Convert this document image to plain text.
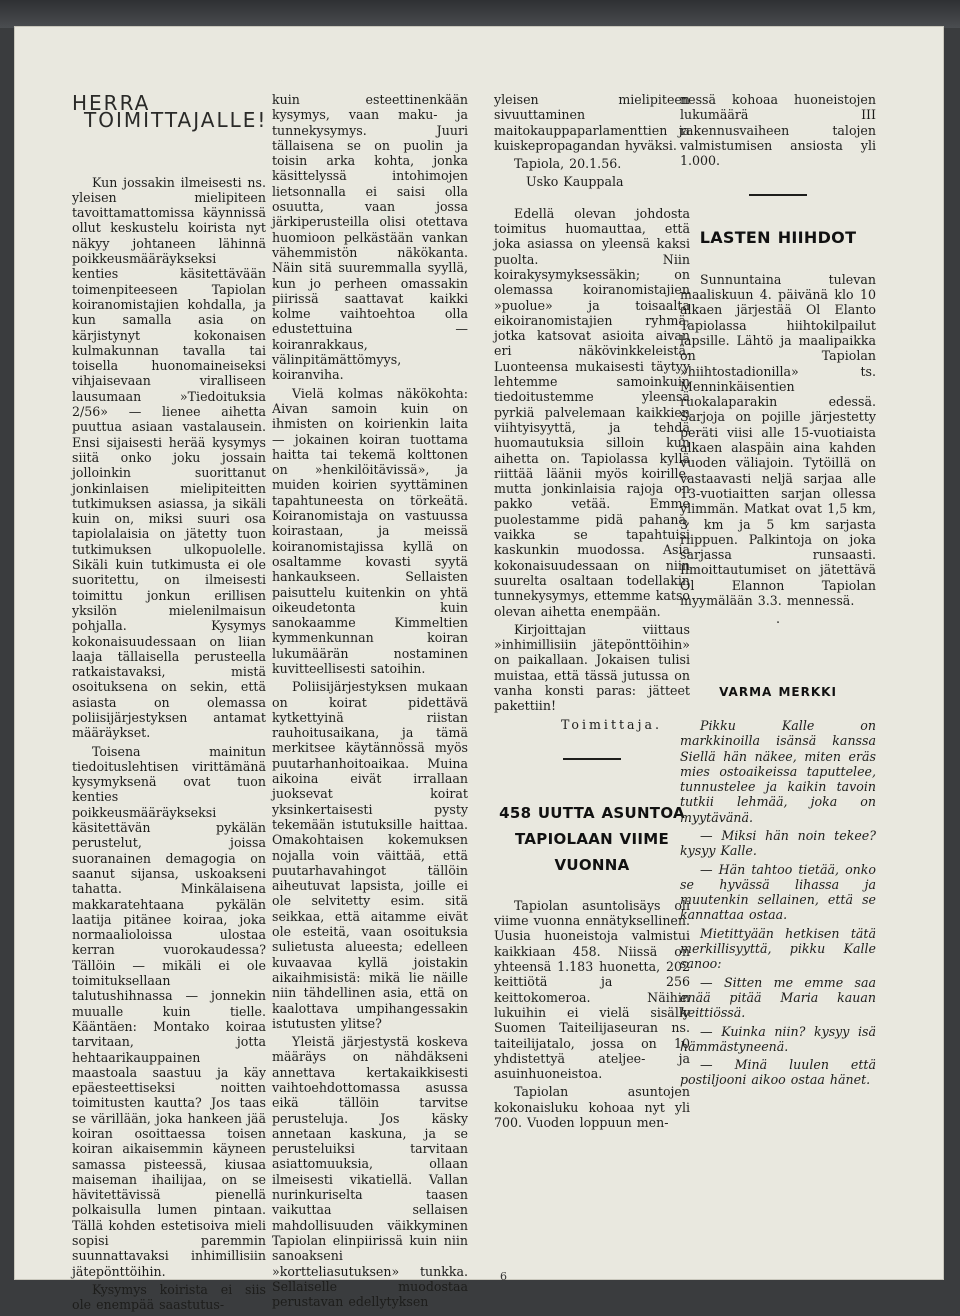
HERRA
TOIMITTAJALLE!

Kun jossakin ilmeisesti ns. yleisen mielipiteen tavoittamattomissa käynnissä ollut keskustelu koirista nyt näkyy johtaneen lähinnä poikkeusmääräykseksi kenties käsitettävään toimenpiteeseen Tapiolan koiranomistajien kohdalla, ja kun samalla asia on kärjistynyt kokonaisen kulmakunnan tavalla tai toisella huonomaineiseksi vihjaisevaan viralliseen lausumaan »Tiedoituksia 2/56» — lienee aihetta puuttua asiaan vastalausein. Ensi sijaisesti herää kysymys siitä onko joku jossain jolloinkin suorittanut jonkinlaisen mielipiteitten tutkimuksen asiassa, ja sikäli kuin on, miksi suuri osa tapiolalaisia on jätetty tuon tutkimuksen ulkopuolelle. Sikäli kuin tutkimusta ei ole suoritettu, on ilmeisesti toimittu jonkun erillisen yksilön mielenilmaisun pohjalla. Kysymys kokonaisuudessaan on liian laaja tällaisella perusteella ratkaistavaksi, mistä osoituksena on sekin, että asiasta on olemassa poliisijärjestyksen antamat määräykset.

Toisena mainitun tiedoituslehtisen virittämänä kysymyksenä ovat tuon kenties poikkeusmääräykseksi käsitettävän pykälän perustelut, joissa suoranainen demagogia on saanut sijansa, uskoakseni tahatta. Minkälaisena makkaratehtaana pykälän laatija pitänee koiraa, joka normaalioloissa ulostaa kerran vuorokaudessa? Tällöin — mikäli ei ole toimituksellaan talutushihnassa — jonnekin muualle kuin tielle. Kääntäen: Montako koiraa tarvitaan, jotta hehtaarikauppainen maastoala saastuu ja käy epäesteettiseksi noitten toimitusten kautta? Jos taas se värillään, joka hankeen jää koiran osoittaessa toisen koiran aikaisemmin käyneen samassa pisteessä, kiusaa maiseman ihailijaa, on se hävitettävissä pienellä polkaisulla lumen pintaan. Tällä kohden estetisoiva mieli sopisi paremmin suunnattavaksi inhimillisiin jätepönttöihin.

Kysymys koirista ei siis ole enempää saastutus-

kuin esteettinenkään kysymys, vaan maku- ja tunnekysymys. Juuri tällaisena se on puolin ja toisin arka kohta, jonka käsittelyssä intohimojen lietsonnalla ei saisi olla osuutta, vaan jossa järkiperusteilla olisi otettava huomioon pelkästään vankan vähemmistön näkökanta. Näin sitä suuremmalla syyllä, kun jo perheen omassakin piirissä saattavat kaikki kolme vaihtoehtoa olla edustettuina — koiranrakkaus, välinpitämättömyys, koiranviha.

Vielä kolmas näkökohta: Aivan samoin kuin on ihmisten on koirienkin laita — jokainen koiran tuottama haitta tai tekemä kolttonen on »henkilöitävissä», ja muiden koirien syyttäminen tapahtuneesta on törkeätä. Koiranomistaja on vastuussa koirastaan, ja meissä koiranomistajissa kyllä on osaltamme kovasti syytä hankaukseen. Sellaisten paisuttelu kuitenkin on yhtä oikeudetonta kuin sanokaamme Kimmeltien kymmenkunnan koiran lukumäärän nostaminen kuvitteellisesti satoihin.

Poliisijärjestyksen mukaan on koirat pidettävä kytkettyinä riistan rauhoitusaikana, ja tämä merkitsee käytännössä myös puutarhanhoitoaikaa. Muina aikoina eivät irrallaan juoksevat koirat yksinkertaisesti pysty tekemään istutuksille haittaa. Omakohtaisen kokemuksen nojalla voin väittää, että puutarhavahingot tällöin aiheutuvat lapsista, joille ei ole selvitetty esim. sitä seikkaa, että aitamme eivät ole esteitä, vaan osoituksia sulietusta alueesta; edelleen kuvaavaa kyllä joistakin aikaihmisistä: mikä lie näille niin tähdellinen asia, että on kaalottava umpihangessakin istutusten ylitse?

Yleistä järjestystä koskeva määräys on nähdäkseni annettava kertakaikkisesti vaihtoehdottomassa asussa eikä tällöin tarvitse perusteluja. Jos käsky annetaan kaskuna, ja se perusteluiksi tarvitaan asiattomuuksia, ollaan ilmeisesti vikatiellä. Vallan nurinkuriselta taasen vaikuttaa sellaisen mahdollisuuden väikkyminen Tapiolan elinpiirissä kuin niin sanoakseni »kortteliasutuksen» tunkka. Sellaiselle muodostaa perustavan edellytyksen

yleisen mielipiteen sivuuttaminen maitokauppaparlamenttien ja kuiskepropagandan hyväksi.

Tapiola, 20.1.56.

Usko Kauppala

Edellä olevan johdosta toimitus huomauttaa, että joka asiassa on yleensä kaksi puolta. Niin koirakysymyksessäkin; on olemassa koiranomistajien »puolue» ja toisaalta eikoiranomistajien ryhmä, jotka katsovat asioita aivan eri näkövinkkeleistä. Luonteensa mukaisesti täytyy lehtemme samoinkuin tiedoitustemme yleensä pyrkiä palvelemaan kaikkien viihtyisyyttä, ja tehdä huomautuksia silloin kun aihetta on. Tapiolassa kyllä riittää läänii myös koirille, mutta jonkinlaisia rajoja on pakko vetää. Emme puolestamme pidä pahana, vaikka se tapahtuisi kaskunkin muodossa. Asia kokonaisuudessaan on niin suurelta osaltaan todellakin tunnekysymys, ettemme katso olevan aihetta enempään.

Kirjoittajan viittaus »inhimillisiin jätepönttöihin» on paikallaan. Jokaisen tulisi muistaa, että tässä jutussa on vanha konsti paras: jätteet pakettiin!

Toimittaja.

458 UUTTA ASUNTOA TAPIOLAAN VIIME VUONNA

Tapiolan asuntolisäys oli viime vuonna ennätyksellinen. Uusia huoneistoja valmistui kaikkiaan 458. Niissä on yhteensä 1.183 huonetta, 202 keittiötä ja 256 keittokomeroa. Näihin lukuihin ei vielä sisälly Suomen Taiteilijaseuran ns. taiteilijatalo, jossa on 10 yhdistettyä ateljee- ja asuinhuoneistoa.

Tapiolan asuntojen kokonaisluku kohoaa nyt yli 700. Vuoden loppuun men-

nessä kohoaa huoneistojen lukumäärä III rakennusvaiheen talojen valmistumisen ansiosta yli 1.000.

LASTEN HIIHDOT

Sunnuntaina tulevan maaliskuun 4. päivänä klo 10 alkaen järjestää Ol Elanto Tapiolassa hiihtokilpailut lapsille. Lähtö ja maalipaikka on Tapiolan »hiihtostadionilla» ts. Menninkäisentien ruokalaparakin edessä. Sarjoja on pojille järjestetty peräti viisi alle 15-vuotiaista alkaen alaspäin aina kahden vuoden väliajoin. Tytöillä on vastaavasti neljä sarjaa alle 13-vuotiaitten sarjan ollessa ylimmän. Matkat ovat 1,5 km, 3 km ja 5 km sarjasta riippuen. Palkintoja on joka sarjassa runsaasti. Ilmoittautumiset on jätettävä Ol Elannon Tapiolan myymälään 3.3. mennessä.

.

VARMA MERKKI

Pikku Kalle on markkinoilla isänsä kanssa Siellä hän näkee, miten eräs mies ostoaikeissa taputtelee, tunnustelee ja kaikin tavoin tutkii lehmää, joka on myytävänä.

— Miksi hän noin tekee? kysyy Kalle.

— Hän tahtoo tietää, onko se hyvässä lihassa ja muutenkin sellainen, että se kannattaa ostaa.

Mietittyään hetkisen tätä merkillisyyttä, pikku Kalle sanoo:

— Sitten me emme saa enää pitää Maria kauan keittiössä.

— Kuinka niin? kysyy isä hämmästyneenä.

— Minä luulen että postiljooni aikoo ostaa hänet.

6
